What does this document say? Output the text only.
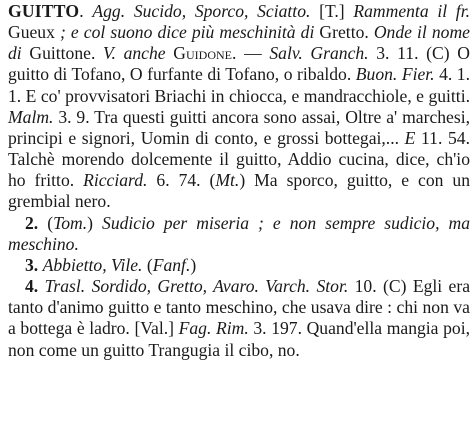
GUITTO. Agg. Sucido, Sporco, Sciatto. [T.] Rammenta il fr. Gueux ; e col suono dice più meschinità di Gretto. Onde il nome di Guittone. V. anche Guidone. — Salv. Granch. 3. 11. (C) O guitto di Tofano, O furfante di Tofano, o ribaldo. Buon. Fier. 4. 1. 1. E co' provvisatori Briachi in chiocca, e mandracchiole, e guitti. Malm. 3. 9. Tra questi guitti ancora sono assai, Oltre a' marchesi, principi e signori, Uomin di conto, e grossi bottegai,... E 11. 54. Talchè morendo dolcemente il guitto, Addio cucina, dice, ch'io ho fritto. Ricciard. 6. 74. (Mt.) Ma sporco, guitto, e con un grembial nero.

2. (Tom.) Sudicio per miseria ; e non sempre sudicio, ma meschino.

3. Abbietto, Vile. (Fanf.)

4. Trasl. Sordido, Gretto, Avaro. Varch. Stor. 10. (C) Egli era tanto d'animo guitto e tanto meschino, che usava dire : chi non va a bottega è ladro. [Val.] Fag. Rim. 3. 197. Quand'ella mangia poi, non come un guitto Trangugia il cibo, no.
